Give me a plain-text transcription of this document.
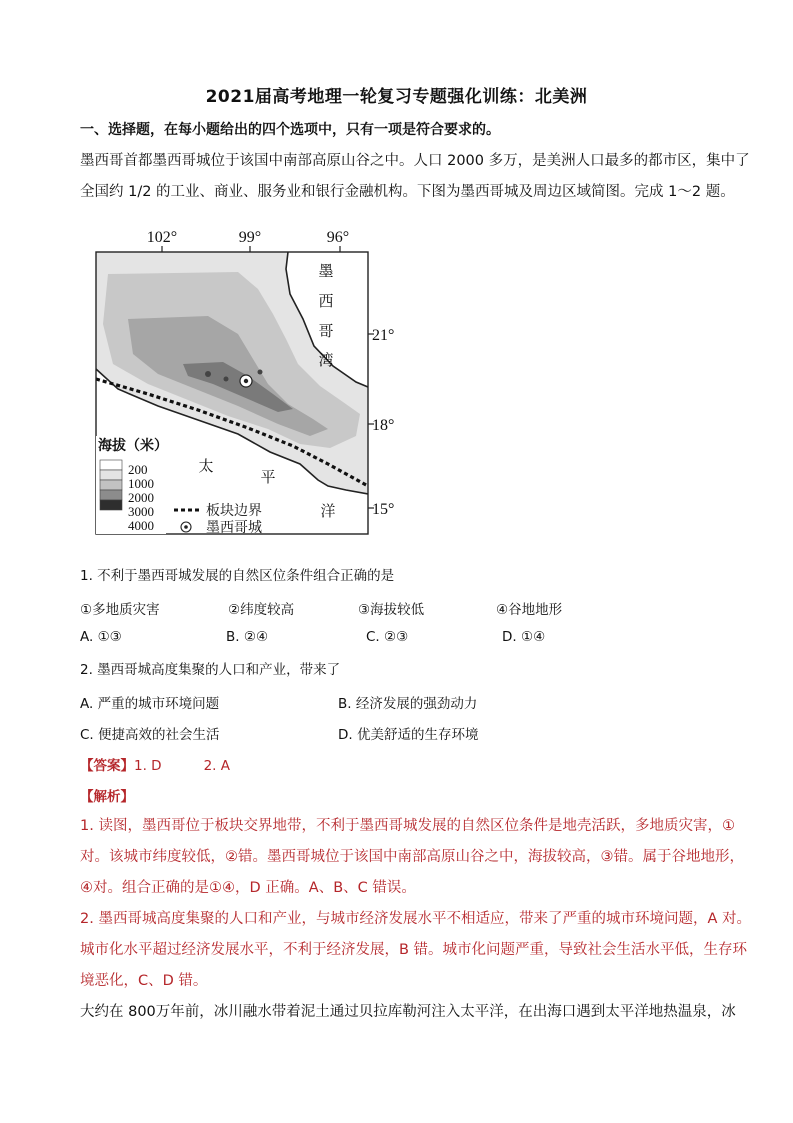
2021届高考地理一轮复习专题强化训练：北美洲
一、选择题，在每小题给出的四个选项中，只有一项是符合要求的。
墨西哥首都墨西哥城位于该国中南部高原山谷之中。人口 2000 多万，是美洲人口最多的都市区，集中了
全国约 1/2 的工业、商业、服务业和银行金融机构。下图为墨西哥城及周边区域简图。完成 1～2 题。
102°	99°	96°
21°
18°
15°
墨
西
哥
湾
太
平
洋
海拔（米）
200
1000
2000
3000
4000
板块边界
墨西哥城
1. 不利于墨西哥城发展的自然区位条件组合正确的是
①多地质灾害	②纬度较高	③海拔较低	④谷地地形
A. ①③	B. ②④	C. ②③	D. ①④
2. 墨西哥城高度集聚的人口和产业，带来了
A. 严重的城市环境问题	B. 经济发展的强劲动力
C. 便捷高效的社会生活	D. 优美舒适的生存环境
【答案】1. D	2. A
【解析】
1. 读图，墨西哥位于板块交界地带，不利于墨西哥城发展的自然区位条件是地壳活跃，多地质灾害，①
对。该城市纬度较低，②错。墨西哥城位于该国中南部高原山谷之中，海拔较高，③错。属于谷地地形，
④对。组合正确的是①④，D 正确。A、B、C 错误。
2. 墨西哥城高度集聚的人口和产业，与城市经济发展水平不相适应，带来了严重的城市环境问题，A 对。
城市化水平超过经济发展水平，不利于经济发展，B 错。城市化问题严重，导致社会生活水平低，生存环
境恶化，C、D 错。
大约在 800万年前，冰川融水带着泥土通过贝拉库勒河注入太平洋，在出海口遇到太平洋地热温泉，冰
